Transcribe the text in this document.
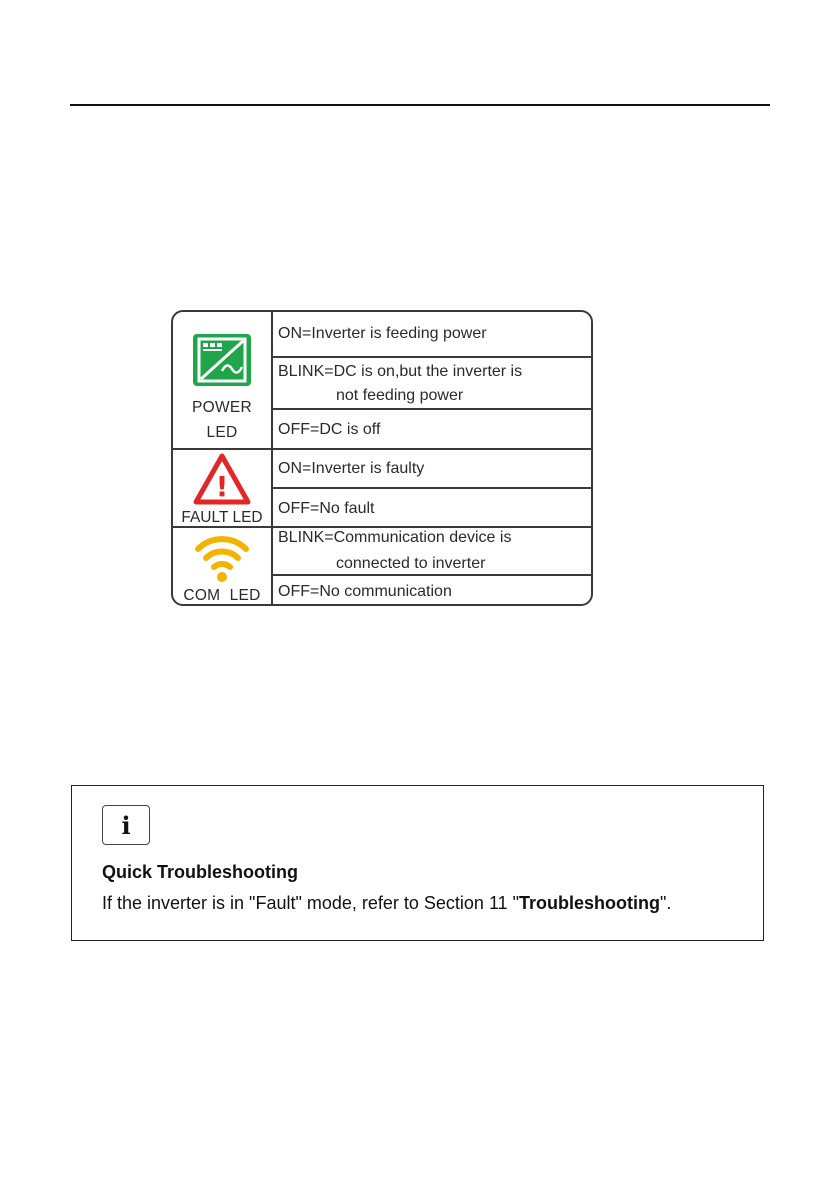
POWER
LED
!
FAULT LED
COM  LED
ON=Inverter is feeding power
BLINK=DC is on,but the inverter is
not feeding power
OFF=DC is off
ON=Inverter is faulty
OFF=No fault
BLINK=Communication device is
connected to inverter
OFF=No communication
i
Quick Troubleshooting
If the inverter is in "Fault" mode, refer to Section 11 "Troubleshooting".
